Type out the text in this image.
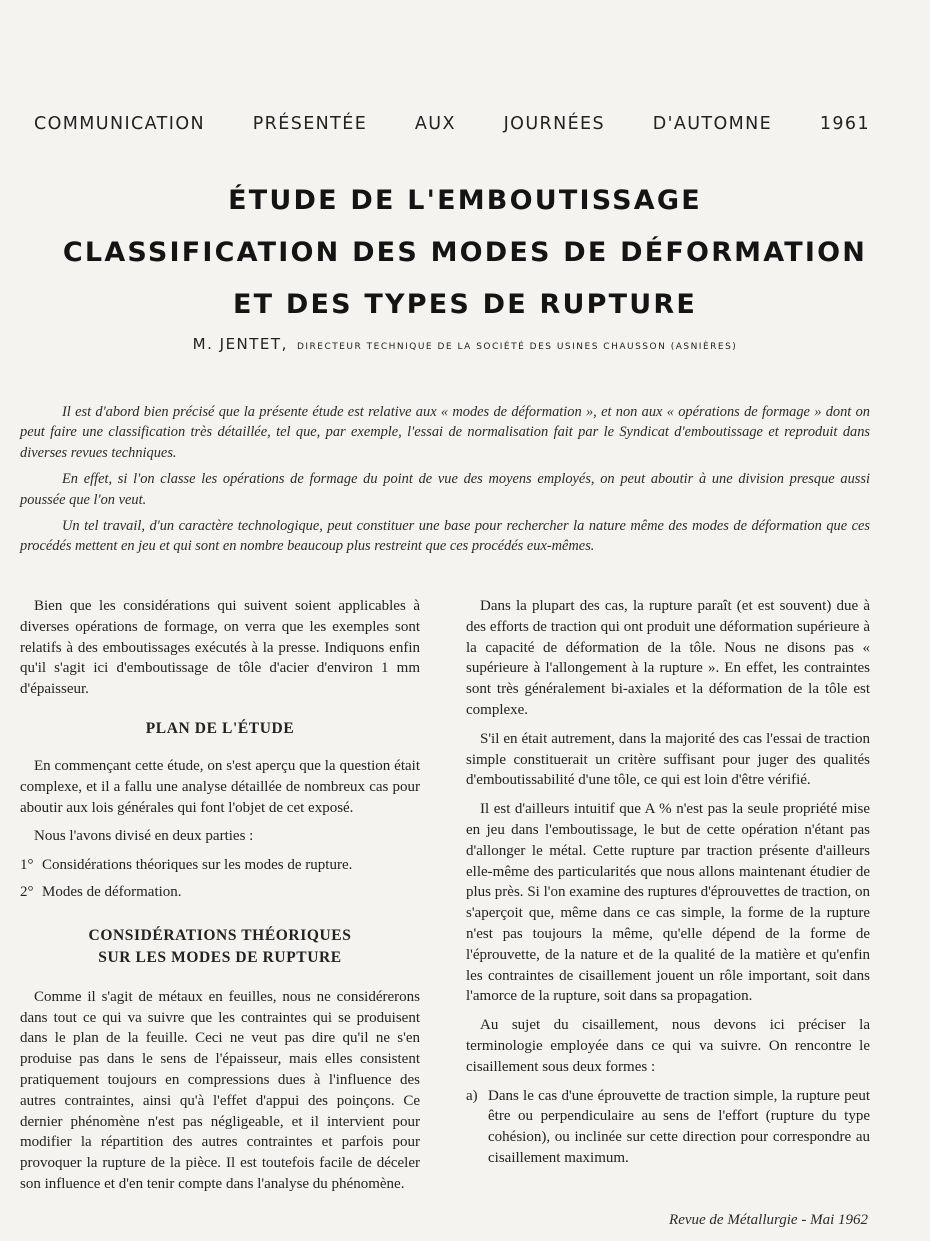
COMMUNICATION	PRÉSENTÉE	AUX	JOURNÉES	D'AUTOMNE	1961
ÉTUDE DE L'EMBOUTISSAGE
CLASSIFICATION DES MODES DE DÉFORMATION
ET DES TYPES DE RUPTURE
M. JENTET, DIRECTEUR TECHNIQUE DE LA SOCIÉTÉ DES USINES CHAUSSON (ASNIÈRES)

Il est d'abord bien précisé que la présente étude est relative aux « modes de déformation », et non aux « opérations de formage » dont on peut faire une classification très détaillée, tel que, par exemple, l'essai de normalisation fait par le Syndicat d'emboutissage et reproduit dans diverses revues techniques.

En effet, si l'on classe les opérations de formage du point de vue des moyens employés, on peut aboutir à une division presque aussi poussée que l'on veut.

Un tel travail, d'un caractère technologique, peut constituer une base pour rechercher la nature même des modes de déformation que ces procédés mettent en jeu et qui sont en nombre beaucoup plus restreint que ces procédés eux-mêmes.

Bien que les considérations qui suivent soient applicables à diverses opérations de formage, on verra que les exemples sont relatifs à des emboutissages exécutés à la presse. Indiquons enfin qu'il s'agit ici d'emboutissage de tôle d'acier d'environ 1 mm d'épaisseur.

PLAN DE L'ÉTUDE

En commençant cette étude, on s'est aperçu que la question était complexe, et il a fallu une analyse détaillée de nombreux cas pour aboutir aux lois générales qui font l'objet de cet exposé.

Nous l'avons divisé en deux parties :

1° Considérations théoriques sur les modes de rupture.
2° Modes de déformation.
CONSIDÉRATIONS THÉORIQUES
SUR LES MODES DE RUPTURE

Comme il s'agit de métaux en feuilles, nous ne considérerons dans tout ce qui va suivre que les contraintes qui se produisent dans le plan de la feuille. Ceci ne veut pas dire qu'il ne s'en produise pas dans le sens de l'épaisseur, mais elles consistent pratiquement toujours en compressions dues à l'influence des autres contraintes, ainsi qu'à l'effet d'appui des poinçons. Ce dernier phénomène n'est pas négligeable, et il intervient pour modifier la répartition des autres contraintes et parfois pour provoquer la rupture de la pièce. Il est toutefois facile de déceler son influence et d'en tenir compte dans l'analyse du phénomène.

Dans la plupart des cas, la rupture paraît (et est souvent) due à des efforts de traction qui ont produit une déformation supérieure à la capacité de déformation de la tôle. Nous ne disons pas « supérieure à l'allongement à la rupture ». En effet, les contraintes sont très généralement bi-axiales et la déformation de la tôle est complexe.

S'il en était autrement, dans la majorité des cas l'essai de traction simple constituerait un critère suffisant pour juger des qualités d'emboutissabilité d'une tôle, ce qui est loin d'être vérifié.

Il est d'ailleurs intuitif que A % n'est pas la seule propriété mise en jeu dans l'emboutissage, le but de cette opération n'étant pas d'allonger le métal. Cette rupture par traction présente d'ailleurs elle-même des particularités que nous allons maintenant étudier de plus près. Si l'on examine des ruptures d'éprouvettes de traction, on s'aperçoit que, même dans ce cas simple, la forme de la rupture n'est pas toujours la même, qu'elle dépend de la forme de l'éprouvette, de la nature et de la qualité de la matière et qu'enfin les contraintes de cisaillement jouent un rôle important, soit dans l'amorce de la rupture, soit dans sa propagation.

Au sujet du cisaillement, nous devons ici préciser la terminologie employée dans ce qui va suivre. On rencontre le cisaillement sous deux formes :

a) Dans le cas d'une éprouvette de traction simple, la rupture peut être ou perpendiculaire au sens de l'effort (rupture du type cohésion), ou inclinée sur cette direction pour correspondre au cisaillement maximum.
Revue de Métallurgie - Mai 1962
